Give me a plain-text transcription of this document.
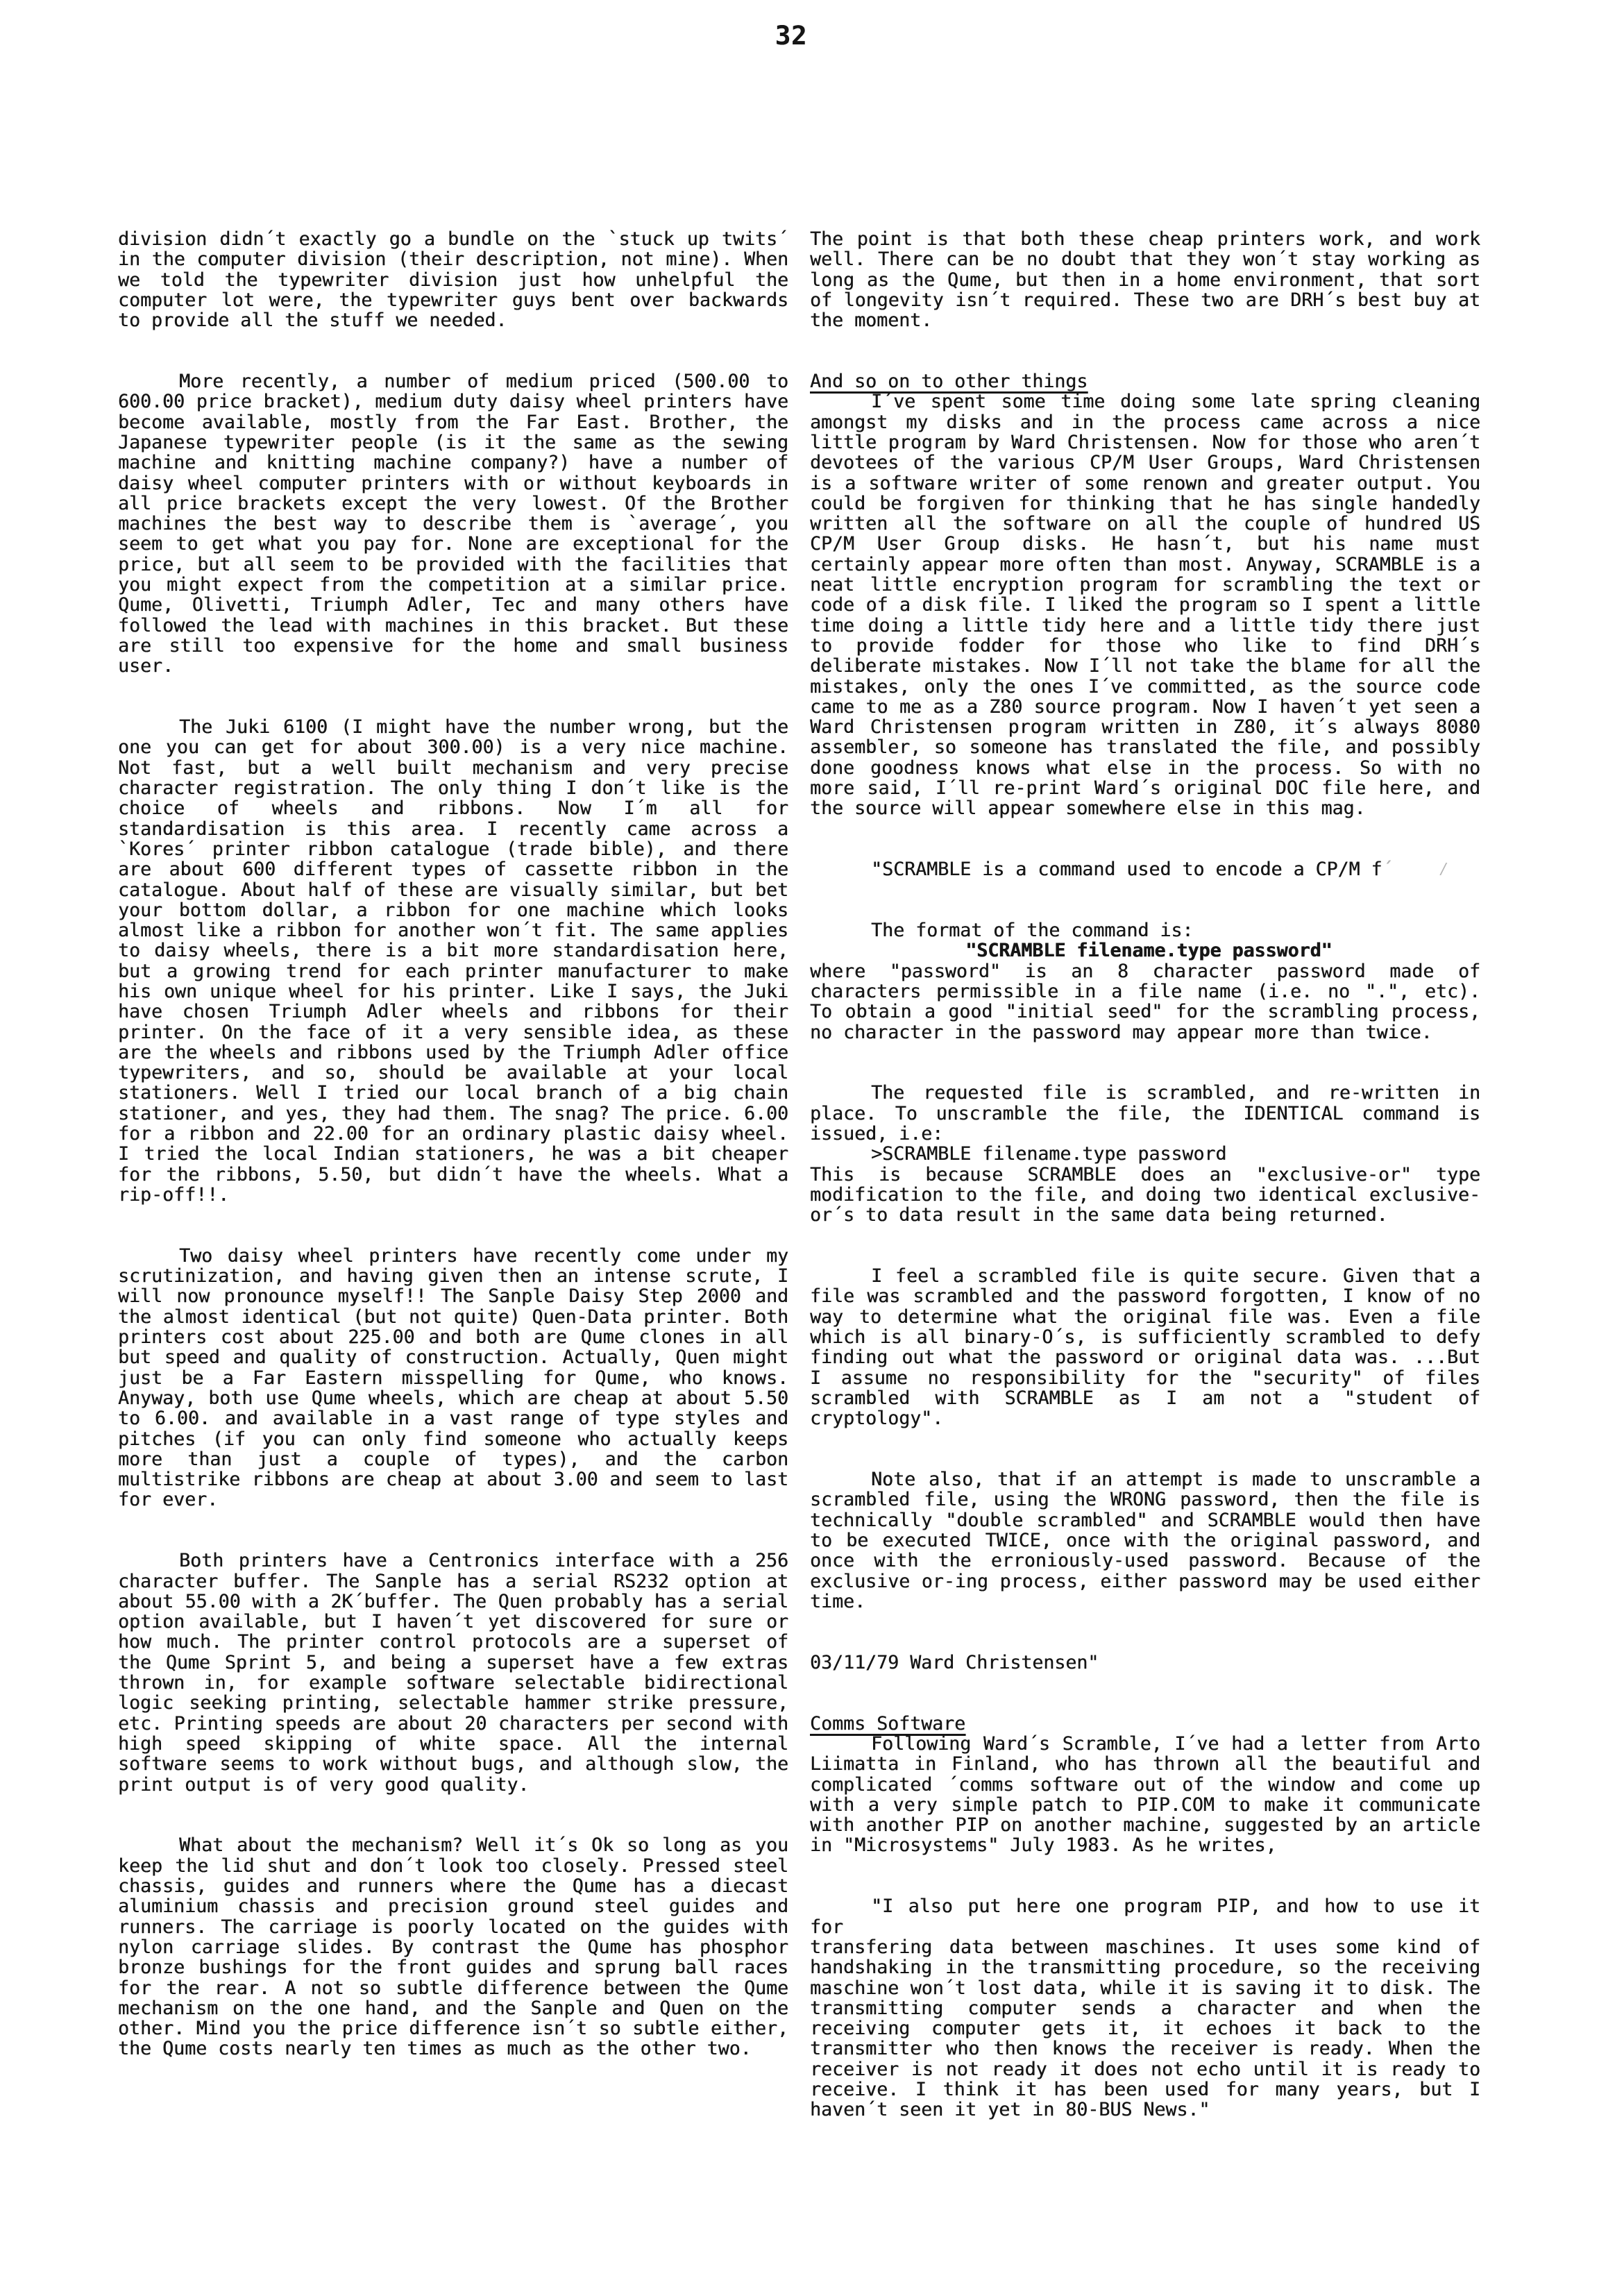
32
division didn´t exactly go a bundle on the `stuck up twits´
in the computer division (their description, not mine). When
we told the typewriter division just how unhelpful the
computer lot were, the typewriter guys bent over backwards
to provide all the stuff we needed.
More recently, a number of medium priced (500.00 to
600.00 price bracket), medium duty daisy wheel printers have
become available, mostly from the Far East. Brother, the
Japanese typewriter people (is it the same as the sewing
machine and knitting machine company?) have a number of
daisy wheel computer printers with or without keyboards in
all price brackets except the very lowest. Of the Brother
machines the best way to describe them is `average´, you
seem to get what you pay for. None are exceptional for the
price, but all seem to be provided with the facilities that
you might expect from the competition at a similar price.
Qume, Olivetti, Triumph Adler, Tec and many others have
followed the lead with machines in this bracket. But these
are still too expensive for the home and small business
user.
The Juki 6100 (I might have the number wrong, but the
one you can get for about 300.00) is a very nice machine.
Not fast, but a well built mechanism and very precise
character registration. The only thing I don´t like is the
choice of wheels and ribbons. Now I´m all for
standardisation is this area. I recently came across a
`Kores´ printer ribbon catalogue (trade bible), and there
are about 600 different types of cassette ribbon in the
catalogue. About half of these are visually similar, but bet
your bottom dollar, a ribbon for one machine which looks
almost like a ribbon for another won´t fit. The same applies
to daisy wheels, there is a bit more standardisation here,
but a growing trend for each printer manufacturer to make
his own unique wheel for his printer. Like I says, the Juki
have chosen Triumph Adler wheels and ribbons for their
printer. On the face of it a very sensible idea, as these
are the wheels and ribbons used by the Triumph Adler office
typewriters, and so, should be available at your local
stationers. Well I tried our local branch of a big chain
stationer, and yes, they had them. The snag? The price. 6.00
for a ribbon and 22.00 for an ordinary plastic daisy wheel.
I tried the local Indian stationers, he was a bit cheaper
for the ribbons, 5.50, but didn´t have the wheels. What a
rip-off!!.
Two daisy wheel printers have recently come under my
scrutinization, and having given then an intense scrute, I
will now pronounce myself!! The Sanple Daisy Step 2000 and
the almost identical (but not quite) Quen-Data printer. Both
printers cost about 225.00 and both are Qume clones in all
but speed and quality of construction. Actually, Quen might
just be a Far Eastern misspelling for Qume, who knows.
Anyway, both use Qume wheels, which are cheap at about 5.50
to 6.00. and available in a vast range of type styles and
pitches (if you can only find someone who actually keeps
more than just a couple of types), and the carbon
multistrike ribbons are cheap at about 3.00 and seem to last
for ever.
Both printers have a Centronics interface with a 256
character buffer. The Sanple has a serial RS232 option at
about 55.00 with a 2K´buffer. The Quen probably has a serial
option available, but I haven´t yet discovered for sure or
how much. The printer control protocols are a superset of
the Qume Sprint 5, and being a superset have a few extras
thrown in, for example software selectable bidirectional
logic seeking printing, selectable hammer strike pressure,
etc. Printing speeds are about 20 characters per second with
high speed skipping of white space. All the internal
software seems to work without bugs, and although slow, the
print output is of very good quality.
What about the mechanism? Well it´s Ok so long as you
keep the lid shut and don´t look too closely. Pressed steel
chassis, guides and runners where the Qume has a diecast
aluminium chassis and precision ground steel guides and
runners. The carriage is poorly located on the guides with
nylon carriage slides. By contrast the Qume has phosphor
bronze bushings for the front guides and sprung ball races
for the rear. A not so subtle difference between the Qume
mechanism on the one hand, and the Sanple and Quen on the
other. Mind you the price difference isn´t so subtle either,
the Qume costs nearly ten times as much as the other two.
The point is that both these cheap printers work, and work
well. There can be no doubt that they won´t stay working as
long as the Qume, but then in a home environment, that sort
of longevity isn´t required. These two are DRH´s best buy at
the moment.
And so on to other things
I´ve spent some time doing some late spring cleaning
amongst my disks and in the process came across a nice
little program by Ward Christensen. Now for those who aren´t
devotees of the various CP/M User Groups, Ward Christensen
is a software writer of some renown and greater output. You
could be forgiven for thinking that he has single handedly
written all the software on all the couple of hundred US
CP/M User Group disks. He hasn´t, but his name must
certainly appear more often than most. Anyway, SCRAMBLE is a
neat little encryption program for scrambling the text or
code of a disk file. I liked the program so I spent a little
time doing a little tidy here and a little tidy there just
to provide fodder for those who like to find DRH´s
deliberate mistakes. Now I´ll not take the blame for all the
mistakes, only the ones I´ve committed, as the source code
came to me as a Z80 source program. Now I haven´t yet seen a
Ward Christensen program written in Z80, it´s always 8080
assembler, so someone has translated the file, and possibly
done goodness knows what else in the process. So with no
more said, I´ll re-print Ward´s original DOC file here, and
the source will appear somewhere else in this mag.
"SCRAMBLE is a command used to encode a CP/M f´    ⁄
The format of the command is:
"SCRAMBLE filename.type password"
where "password" is an 8 character password made of
characters permissible in a file name (i.e. no ".", etc).
To obtain a good "initial seed" for the scrambling process,
no character in the password may appear more than twice.
The requested file is scrambled, and re-written in
place. To unscramble the file, the IDENTICAL command is
issued, i.e:
>SCRAMBLE filename.type password
This is because SCRAMBLE does an "exclusive-or" type
modification to the file, and doing two identical exclusive-
or´s to data result in the same data being returned.
I feel a scrambled file is quite secure. Given that a
file was scrambled and the password forgotten, I know of no
way to determine what the original file was. Even a file
which is all binary-O´s, is sufficiently scrambled to defy
finding out what the password or original data was. ...But
I assume no responsibility for the "security" of files
scrambled with SCRAMBLE as I am not a "student of
cryptology".
Note also, that if an attempt is made to unscramble a
scrambled file, using the WRONG password, then the file is
technically "double scrambled" and SCRAMBLE would then have
to be executed TWICE, once with the original password, and
once with the erroniously-used password. Because of the
exclusive or-ing process, either password may be used either
time.
03/11/79 Ward Christensen"
Comms Software
Following Ward´s Scramble, I´ve had a letter from Arto
Liimatta in Finland, who has thrown all the beautiful and
complicated ´comms software out of the window and come up
with a very simple patch to PIP.COM to make it communicate
with another PIP on another machine, suggested by an article
in "Microsystems" July 1983. As he writes,
"I also put here one program PIP, and how to use it for
transfering data between maschines. It uses some kind of
handshaking in the transmitting procedure, so the receiving
maschine won´t lost data, while it is saving it to disk. The
transmitting computer sends a character and when the
receiving computer gets it, it echoes it back to the
transmitter who then knows the receiver is ready. When the
receiver is not ready it does not echo until it is ready to
receive. I think it has been used for many years, but I
haven´t seen it yet in 80-BUS News."
